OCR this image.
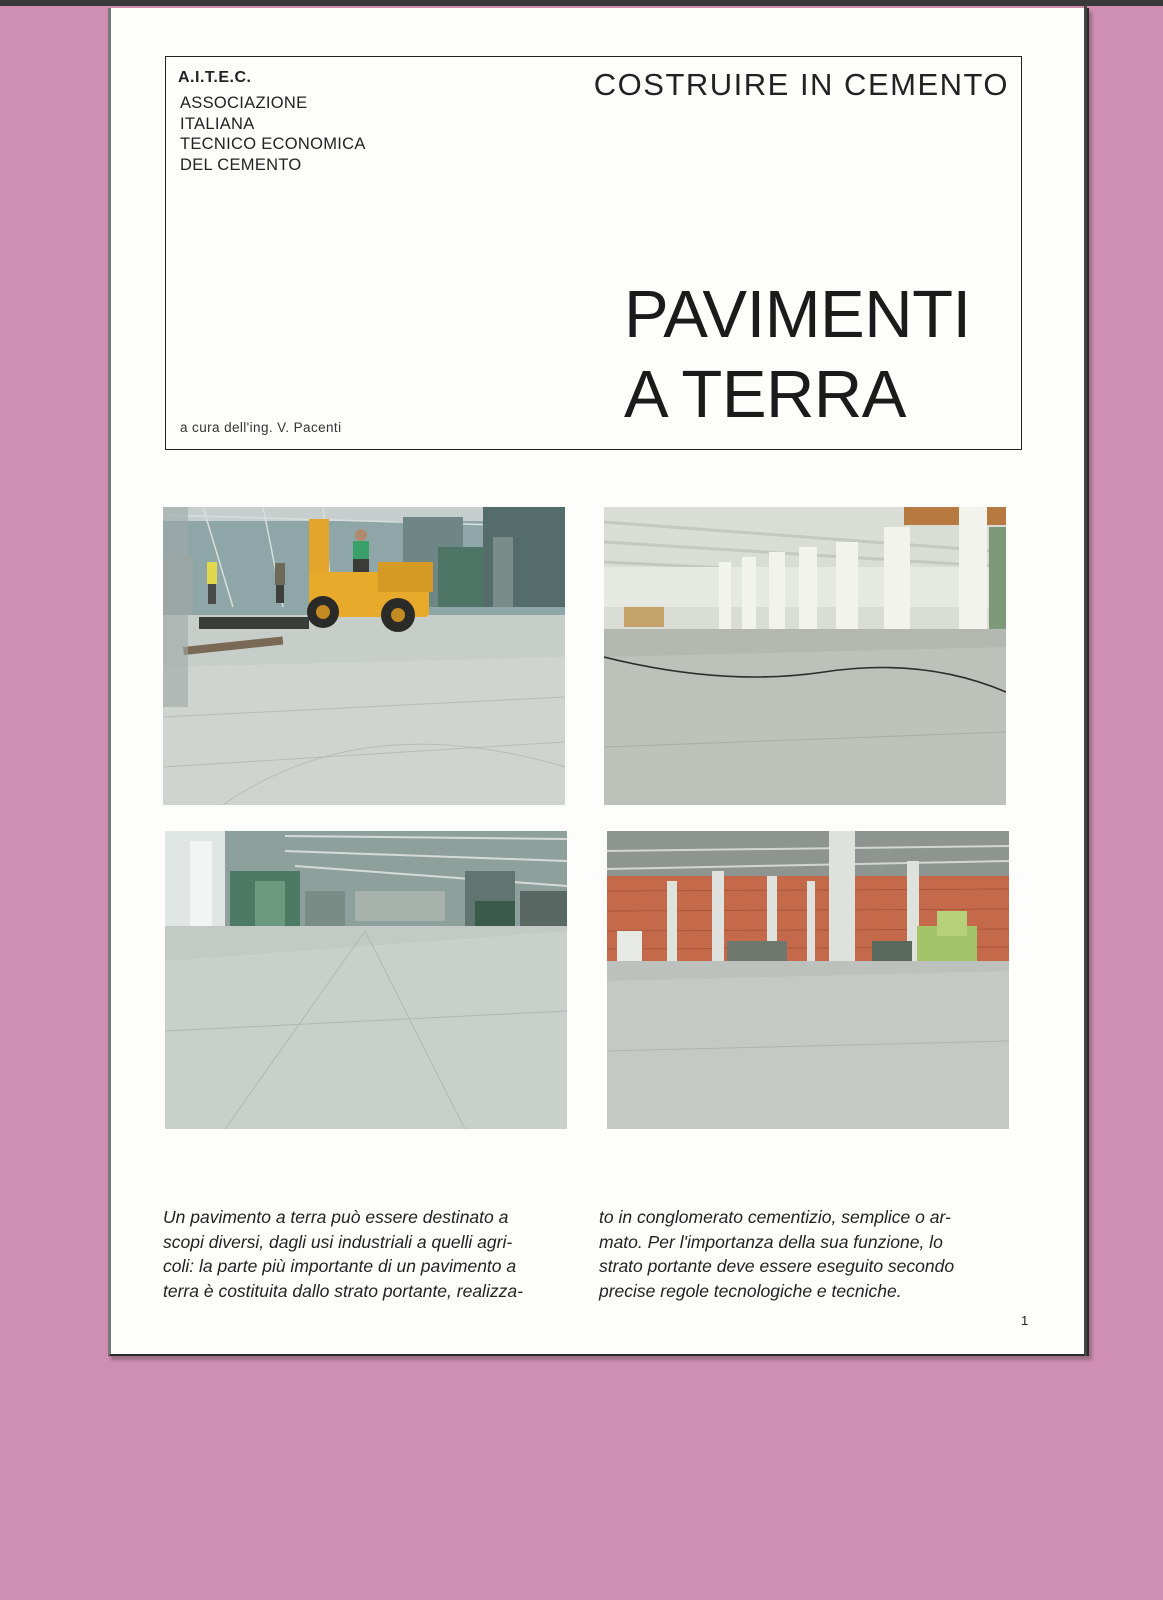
A.I.T.E.C.
ASSOCIAZIONE
ITALIANA
TECNICO ECONOMICA
DEL CEMENTO
COSTRUIRE IN CEMENTO
PAVIMENTI
A TERRA
a cura dell'ing. V. Pacenti
Un pavimento a terra può essere destinato a
scopi diversi, dagli usi industriali a quelli agri-
coli: la parte più importante di un pavimento a
terra è costituita dallo strato portante, realizza-
to in conglomerato cementizio, semplice o ar-
mato. Per l'importanza della sua funzione, lo
strato portante deve essere eseguito secondo
precise regole tecnologiche e tecniche.
1
